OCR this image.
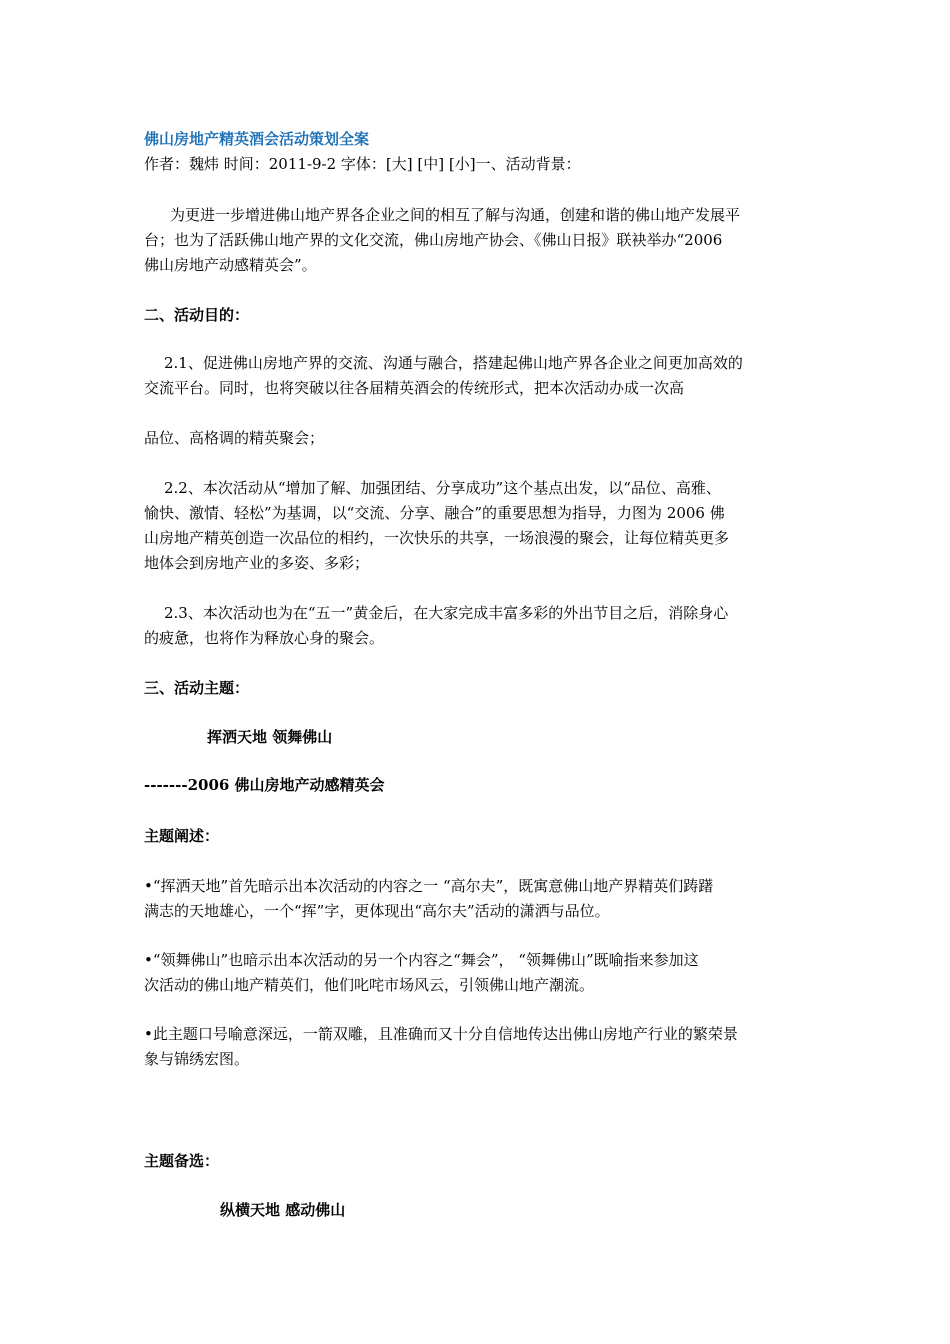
佛山房地产精英酒会活动策划全案
作者：魏炜 时间：2011-9-2 字体：[大] [中] [小]一、活动背景：
为更进一步增进佛山地产界各企业之间的相互了解与沟通，创建和谐的佛山地产发展平
台；也为了活跃佛山地产界的文化交流，佛山房地产协会、《佛山日报》联袂举办“2006
佛山房地产动感精英会”。
二、活动目的：
2.1、促进佛山房地产界的交流、沟通与融合，搭建起佛山地产界各企业之间更加高效的
交流平台。同时，也将突破以往各届精英酒会的传统形式，把本次活动办成一次高
品位、高格调的精英聚会；
2.2、本次活动从“增加了解、加强团结、分享成功”这个基点出发，以“品位、高雅、
愉快、激情、轻松”为基调，以“交流、分享、融合”的重要思想为指导，力图为 2006 佛
山房地产精英创造一次品位的相约，一次快乐的共享，一场浪漫的聚会，让每位精英更多
地体会到房地产业的多姿、多彩；
2.3、本次活动也为在“五一”黄金后，在大家完成丰富多彩的外出节目之后，消除身心
的疲惫，也将作为释放心身的聚会。
三、活动主题：
挥洒天地 领舞佛山
-------2006 佛山房地产动感精英会
主题阐述：
•“挥洒天地”首先暗示出本次活动的内容之一 “高尔夫”，既寓意佛山地产界精英们踌躇
满志的天地雄心，一个“挥”字，更体现出“高尔夫”活动的潇洒与品位。
•“领舞佛山”也暗示出本次活动的另一个内容之“舞会”， “领舞佛山”既喻指来参加这
次活动的佛山地产精英们，他们叱咤市场风云，引领佛山地产潮流。
•此主题口号喻意深远，一箭双雕，且准确而又十分自信地传达出佛山房地产行业的繁荣景
象与锦绣宏图。
主题备选：
纵横天地 感动佛山
